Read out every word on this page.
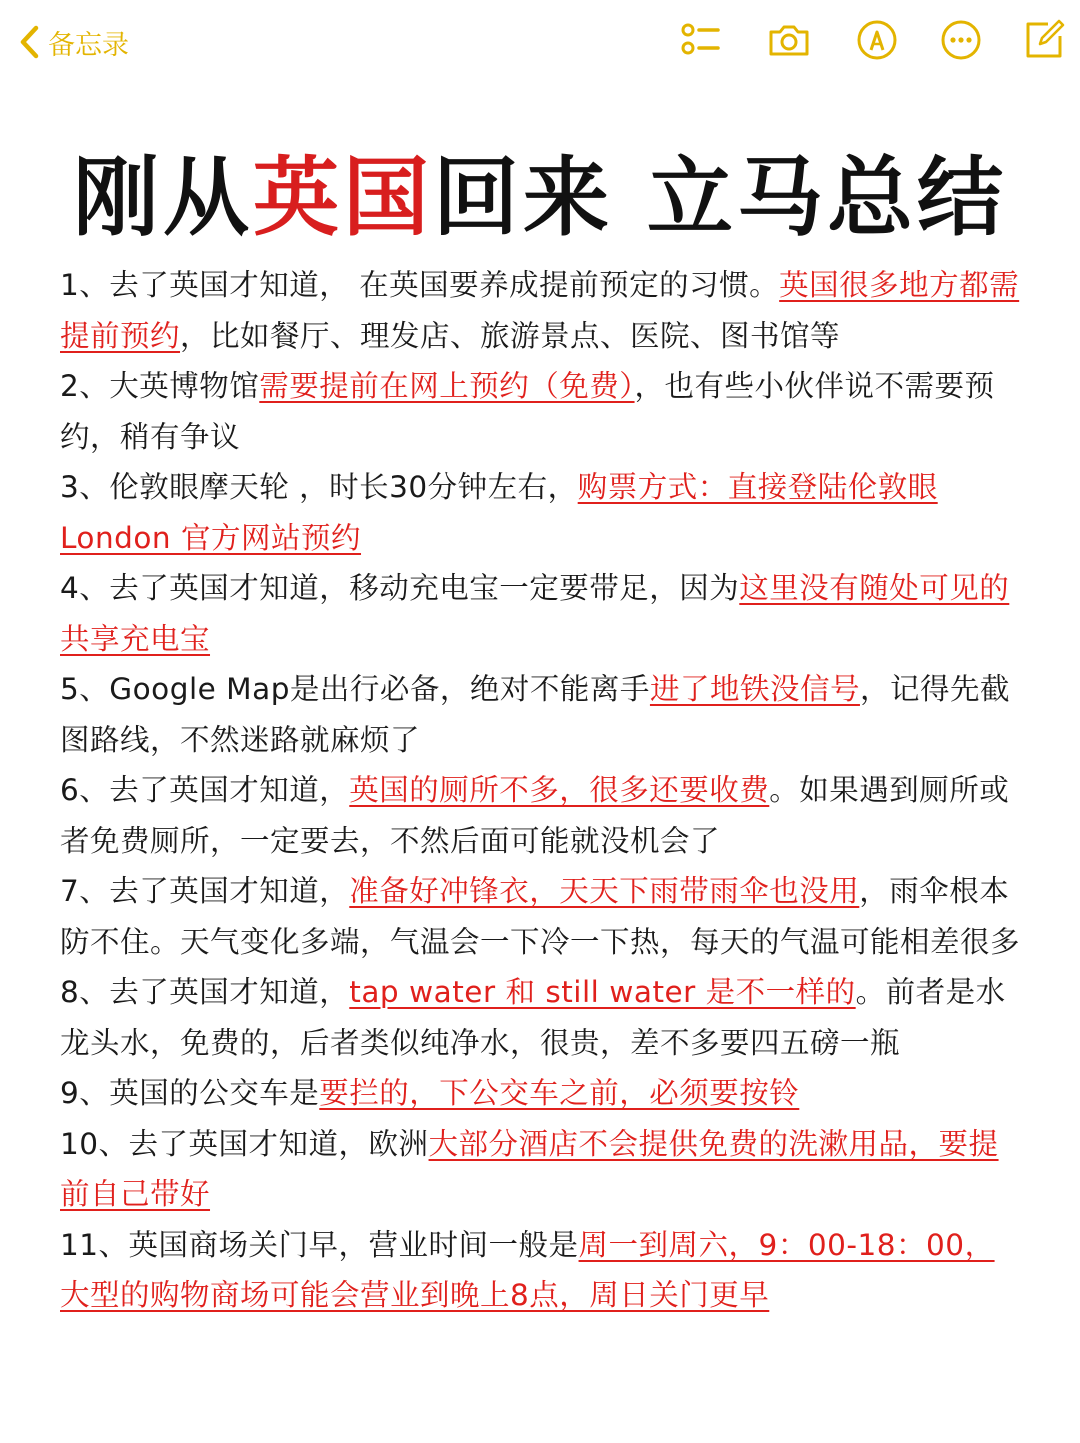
备忘录
刚从英国回来 立马总结

1、去了英国才知道， 在英国要养成提前预定的习惯。英国很多地方都需提前预约，比如餐厅、理发店、旅游景点、医院、图书馆等

2、大英博物馆需要提前在网上预约（免费），也有些小伙伴说不需要预约，稍有争议

3、伦敦眼摩天轮 ，时长30分钟左右，购票方式：直接登陆伦敦眼 London 官方网站预约

4、去了英国才知道，移动充电宝一定要带足，因为这里没有随处可见的共享充电宝

5、Google Map是出行必备，绝对不能离手进了地铁没信号，记得先截图路线，不然迷路就麻烦了

6、去了英国才知道，英国的厕所不多，很多还要收费。如果遇到厕所或者免费厕所，一定要去，不然后面可能就没机会了

7、去了英国才知道，准备好冲锋衣，天天下雨带雨伞也没用，雨伞根本防不住。天气变化多端，气温会一下冷一下热，每天的气温可能相差很多

8、去了英国才知道，tap water 和 still water 是不一样的。前者是水龙头水，免费的，后者类似纯净水，很贵，差不多要四五磅一瓶

9、英国的公交车是要拦的，下公交车之前，必须要按铃

10、去了英国才知道，欧洲大部分酒店不会提供免费的洗漱用品，要提前自己带好

11、英国商场关门早，营业时间一般是周一到周六，9：00-18：00，大型的购物商场可能会营业到晚上8点，周日关门更早
